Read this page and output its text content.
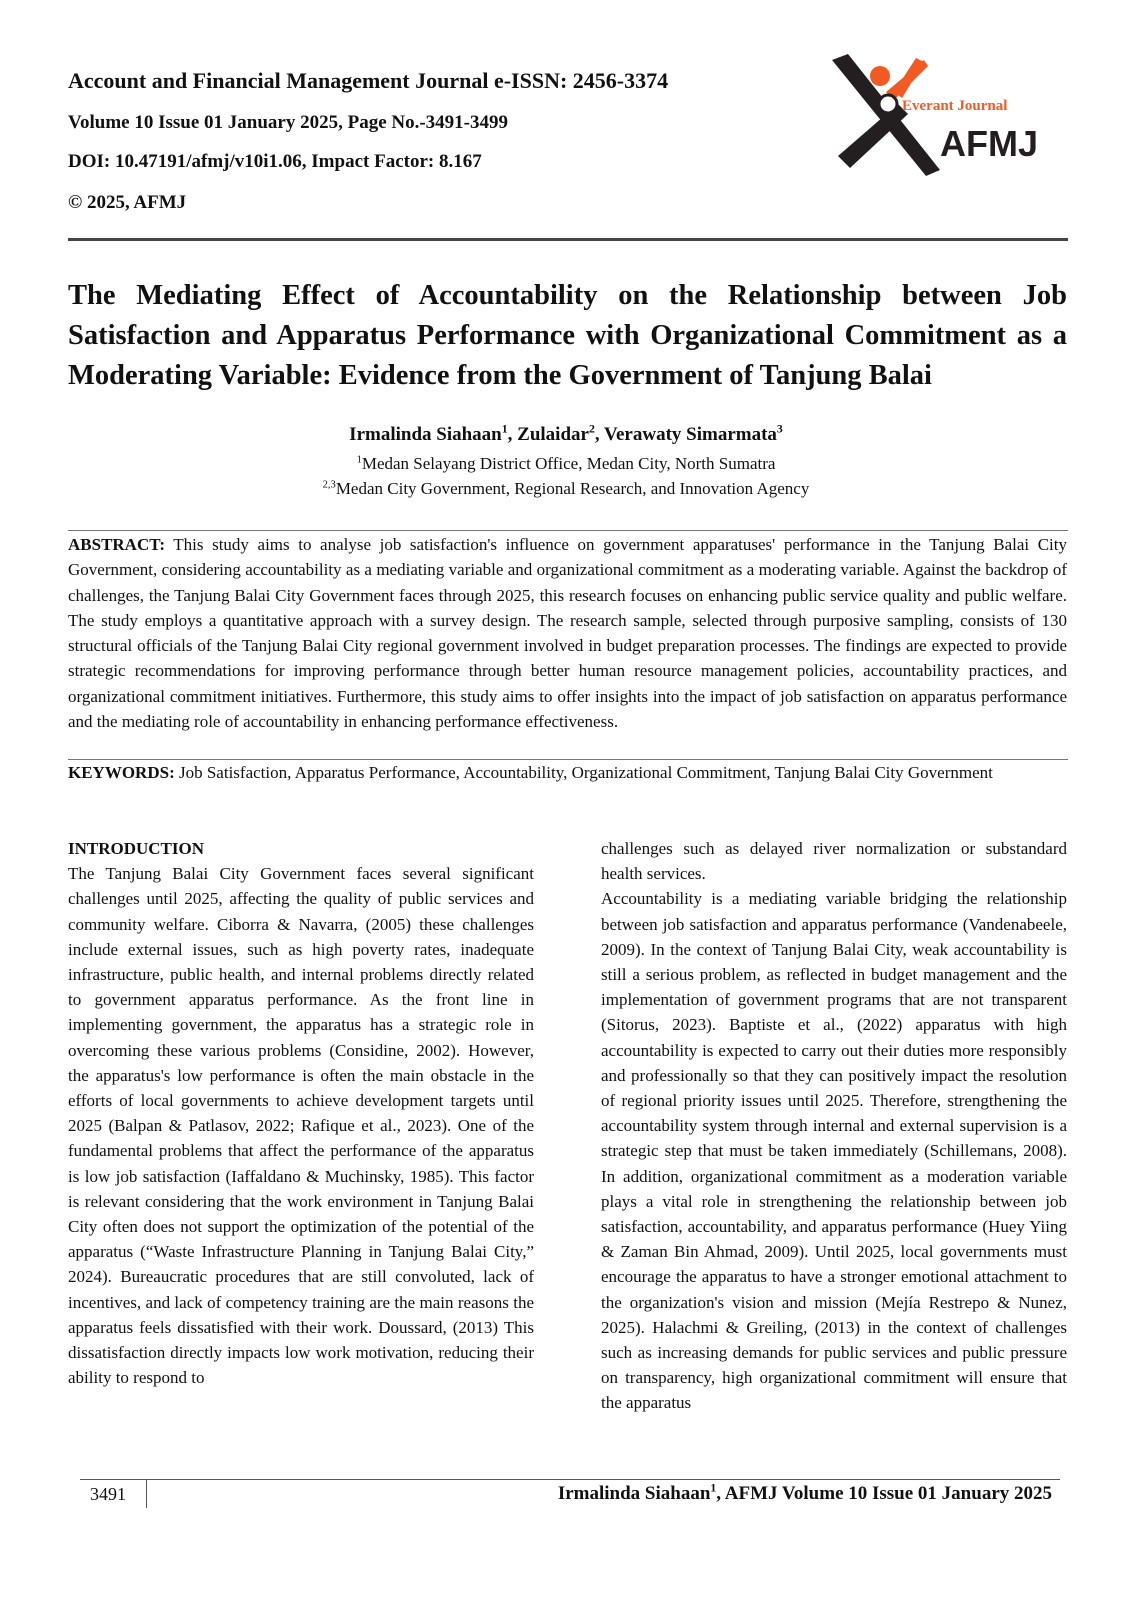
Account and Financial Management Journal e-ISSN: 2456-3374
Volume 10 Issue 01 January 2025, Page No.-3491-3499
DOI: 10.47191/afmj/v10i1.06, Impact Factor: 8.167
© 2025, AFMJ
Everant Journal
AFMJ
The Mediating Effect of Accountability on the Relationship between Job Satisfaction and Apparatus Performance with Organizational Commitment as a Moderating Variable: Evidence from the Government of Tanjung Balai
Irmalinda Siahaan$^1$, Zulaidar$^2$, Verawaty Simarmata$^3$
$^1$Medan Selayang District Office, Medan City, North Sumatra
$^{2,3}$Medan City Government, Regional Research, and Innovation Agency
ABSTRACT: This study aims to analyse job satisfaction's influence on government apparatuses' performance in the Tanjung Balai City Government, considering accountability as a mediating variable and organizational commitment as a moderating variable. Against the backdrop of challenges, the Tanjung Balai City Government faces through 2025, this research focuses on enhancing public service quality and public welfare. The study employs a quantitative approach with a survey design. The research sample, selected through purposive sampling, consists of 130 structural officials of the Tanjung Balai City regional government involved in budget preparation processes. The findings are expected to provide strategic recommendations for improving performance through better human resource management policies, accountability practices, and organizational commitment initiatives. Furthermore, this study aims to offer insights into the impact of job satisfaction on apparatus performance and the mediating role of accountability in enhancing performance effectiveness.
KEYWORDS: Job Satisfaction, Apparatus Performance, Accountability, Organizational Commitment, Tanjung Balai City Government
INTRODUCTION

The Tanjung Balai City Government faces several significant challenges until 2025, affecting the quality of public services and community welfare. Ciborra & Navarra, (2005) these challenges include external issues, such as high poverty rates, inadequate infrastructure, public health, and internal problems directly related to government apparatus performance. As the front line in implementing government, the apparatus has a strategic role in overcoming these various problems (Considine, 2002). However, the apparatus's low performance is often the main obstacle in the efforts of local governments to achieve development targets until 2025 (Balpan & Patlasov, 2022; Rafique et al., 2023). One of the fundamental problems that affect the performance of the apparatus is low job satisfaction (Iaffaldano & Muchinsky, 1985). This factor is relevant considering that the work environment in Tanjung Balai City often does not support the optimization of the potential of the apparatus (“Waste Infrastructure Planning in Tanjung Balai City,” 2024). Bureaucratic procedures that are still convoluted, lack of incentives, and lack of competency training are the main reasons the apparatus feels dissatisfied with their work. Doussard, (2013) This dissatisfaction directly impacts low work motivation, reducing their ability to respond to

challenges such as delayed river normalization or substandard health services.

Accountability is a mediating variable bridging the relationship between job satisfaction and apparatus performance (Vandenabeele, 2009). In the context of Tanjung Balai City, weak accountability is still a serious problem, as reflected in budget management and the implementation of government programs that are not transparent (Sitorus, 2023). Baptiste et al., (2022) apparatus with high accountability is expected to carry out their duties more responsibly and professionally so that they can positively impact the resolution of regional priority issues until 2025. Therefore, strengthening the accountability system through internal and external supervision is a strategic step that must be taken immediately (Schillemans, 2008). In addition, organizational commitment as a moderation variable plays a vital role in strengthening the relationship between job satisfaction, accountability, and apparatus performance (Huey Yiing & Zaman Bin Ahmad, 2009). Until 2025, local governments must encourage the apparatus to have a stronger emotional attachment to the organization's vision and mission (Mejía Restrepo & Nunez, 2025). Halachmi & Greiling, (2013) in the context of challenges such as increasing demands for public services and public pressure on transparency, high organizational commitment will ensure that the apparatus

3491	Irmalinda Siahaan$^1$, AFMJ Volume 10 Issue 01 January 2025
